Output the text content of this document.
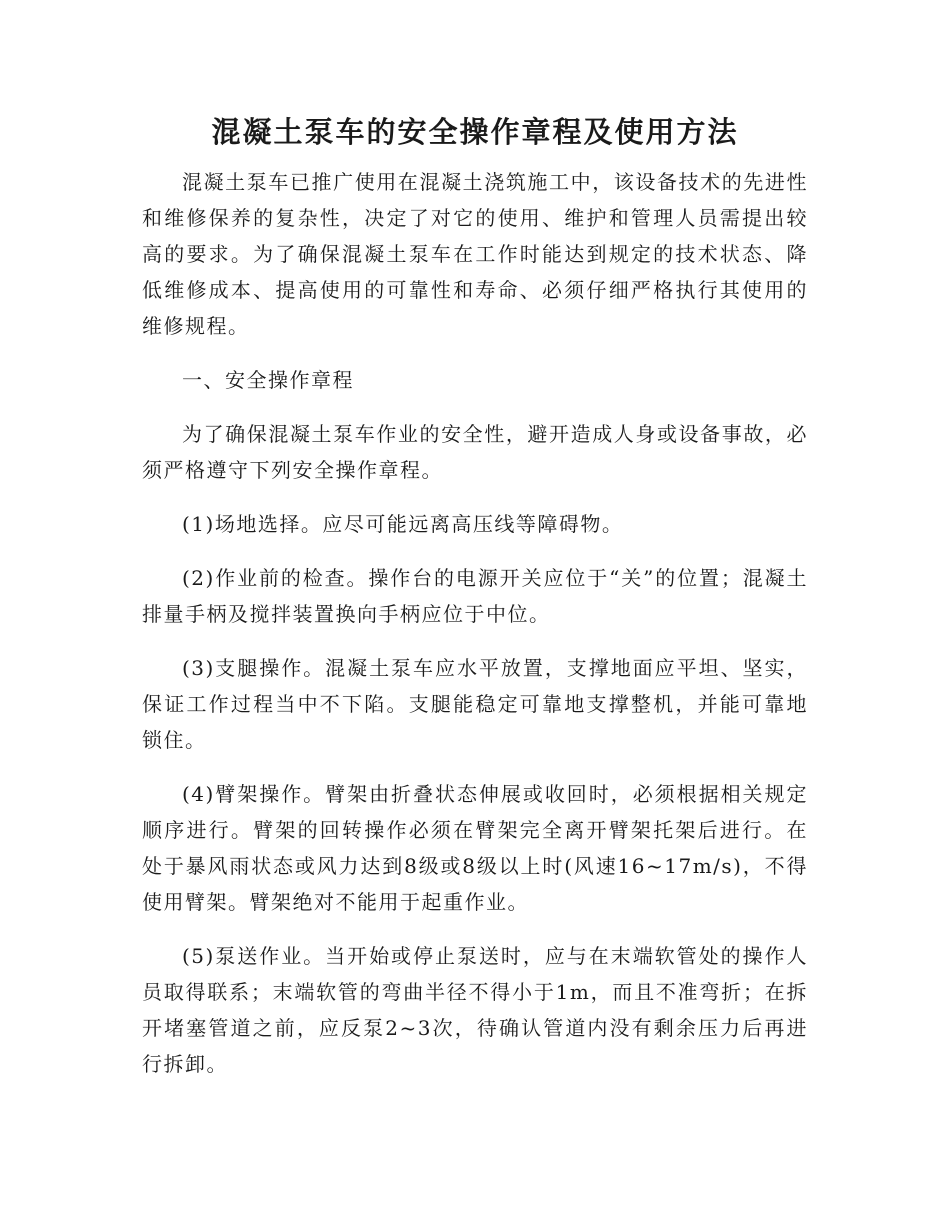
混凝土泵车的安全操作章程及使用方法

混凝土泵车已推广使用在混凝土浇筑施工中，该设备技术的先进性和维修保养的复杂性，决定了对它的使用、维护和管理人员需提出较高的要求。为了确保混凝土泵车在工作时能达到规定的技术状态、降低维修成本、提高使用的可靠性和寿命、必须仔细严格执行其使用的维修规程。

一、安全操作章程

为了确保混凝土泵车作业的安全性，避开造成人身或设备事故，必须严格遵守下列安全操作章程。

(1)场地选择。应尽可能远离高压线等障碍物。

(2)作业前的检查。操作台的电源开关应位于“关”的位置；混凝土排量手柄及搅拌装置换向手柄应位于中位。

(3)支腿操作。混凝土泵车应水平放置，支撑地面应平坦、坚实，保证工作过程当中不下陷。支腿能稳定可靠地支撑整机，并能可靠地锁住。

(4)臂架操作。臂架由折叠状态伸展或收回时，必须根据相关规定顺序进行。臂架的回转操作必须在臂架完全离开臂架托架后进行。在处于暴风雨状态或风力达到8级或8级以上时(风速16~17m/s)，不得使用臂架。臂架绝对不能用于起重作业。

(5)泵送作业。当开始或停止泵送时，应与在末端软管处的操作人员取得联系；末端软管的弯曲半径不得小于1m，而且不准弯折；在拆开堵塞管道之前，应反泵2~3次，待确认管道内没有剩余压力后再进行拆卸。
